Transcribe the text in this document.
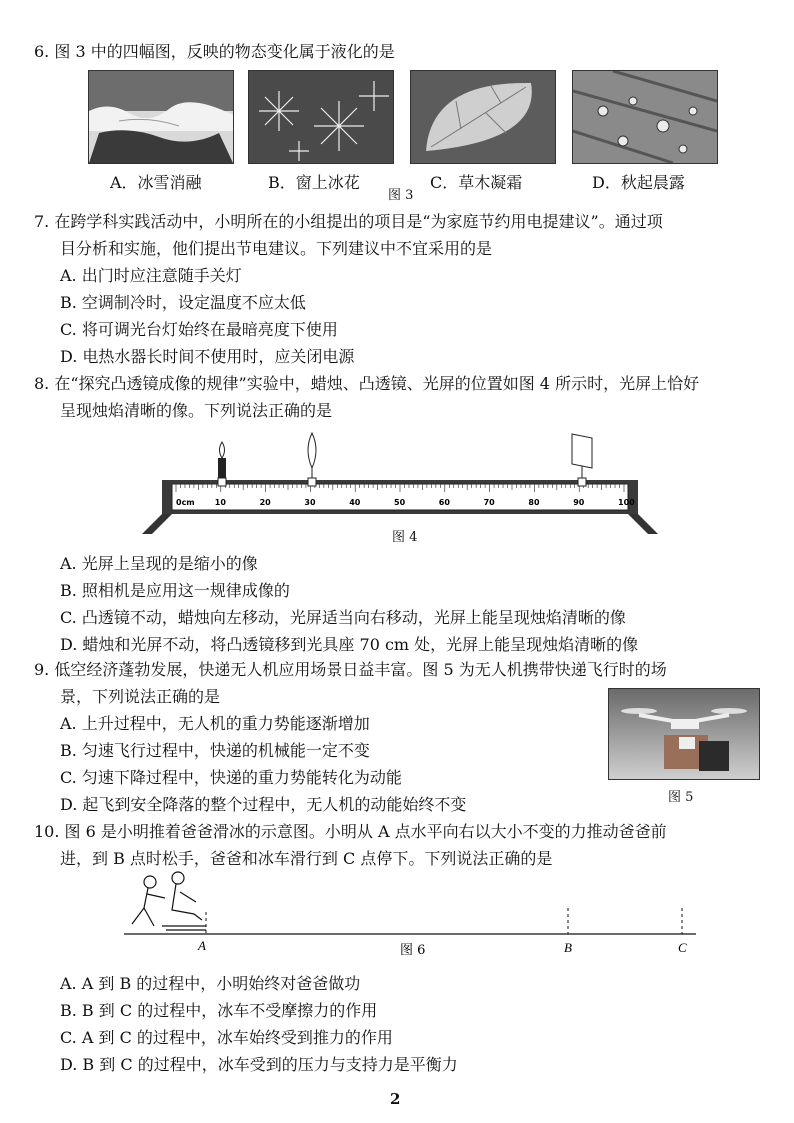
6. 图 3 中的四幅图，反映的物态变化属于液化的是
A．冰雪消融	B．窗上冰花
图 3
C．草木凝霜	D．秋起晨露
7. 在跨学科实践活动中，小明所在的小组提出的项目是“为家庭节约用电提建议”。通过项
目分析和实施，他们提出节电建议。下列建议中不宜采用的是
A. 出门时应注意随手关灯
B. 空调制冷时，设定温度不应太低
C. 将可调光台灯始终在最暗亮度下使用
D. 电热水器长时间不使用时，应关闭电源
8. 在“探究凸透镜成像的规律”实验中，蜡烛、凸透镜、光屏的位置如图 4 所示时，光屏上恰好
呈现烛焰清晰的像。下列说法正确的是
0cm	10	20	30	40	50	60	70	80	90	100
图 4
A. 光屏上呈现的是缩小的像
B. 照相机是应用这一规律成像的
C. 凸透镜不动，蜡烛向左移动，光屏适当向右移动，光屏上能呈现烛焰清晰的像
D. 蜡烛和光屏不动，将凸透镜移到光具座 70 cm 处，光屏上能呈现烛焰清晰的像
9. 低空经济蓬勃发展，快递无人机应用场景日益丰富。图 5 为无人机携带快递飞行时的场
景，下列说法正确的是
A. 上升过程中，无人机的重力势能逐渐增加
B. 匀速飞行过程中，快递的机械能一定不变
C. 匀速下降过程中，快递的重力势能转化为动能
D. 起飞到安全降落的整个过程中，无人机的动能始终不变	图 5
10. 图 6 是小明推着爸爸滑冰的示意图。小明从 A 点水平向右以大小不变的力推动爸爸前
进，到 B 点时松手，爸爸和冰车滑行到 C 点停下。下列说法正确的是
A	B	C
图 6
A. A 到 B 的过程中，小明始终对爸爸做功
B. B 到 C 的过程中，冰车不受摩擦力的作用
C. A 到 C 的过程中，冰车始终受到推力的作用
D. B 到 C 的过程中，冰车受到的压力与支持力是平衡力
2
